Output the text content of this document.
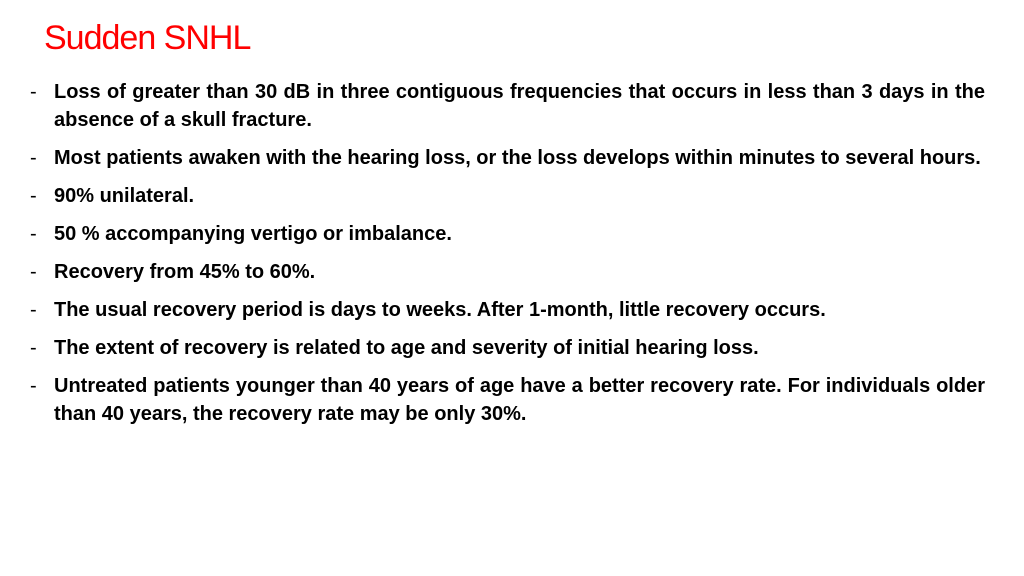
Sudden SNHL
- Loss of greater than 30 dB in three contiguous frequencies that occurs in less than 3 days in the absence of a skull fracture.
- Most patients awaken with the hearing loss, or the loss develops within minutes to several hours.
- 90% unilateral.
- 50 % accompanying vertigo or imbalance.
- Recovery from 45% to 60%.
- The usual recovery period is days to weeks. After 1-month, little recovery occurs.
- The extent of recovery is related to age and severity of initial hearing loss.
- Untreated patients younger than 40 years of age have a better recovery rate. For individuals older than 40 years, the recovery rate may be only 30%.
